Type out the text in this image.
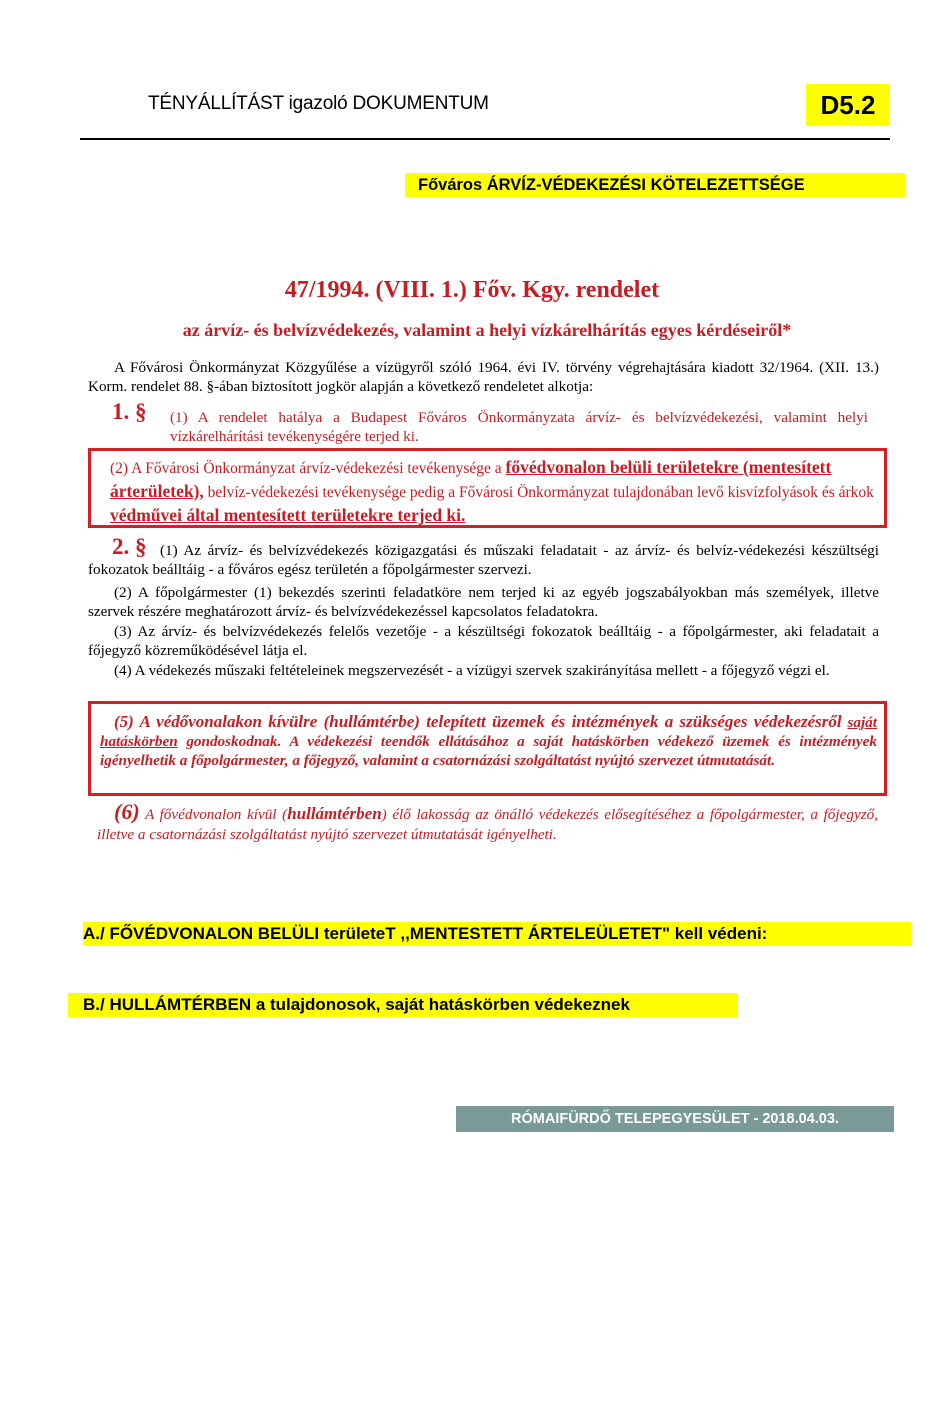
TÉNYÁLLÍTÁST igazoló DOKUMENTUM	D5.2
Főváros ÁRVÍZ-VÉDEKEZÉSI KÖTELEZETTSÉGE
47/1994. (VIII. 1.) Főv. Kgy. rendelet
az árvíz- és belvízvédekezés, valamint a helyi vízkárelhárítás egyes kérdéseiről*
A Fővárosi Önkormányzat Közgyűlése a vízügyről szóló 1964. évi IV. törvény végrehajtására kiadott 32/1964. (XII. 13.) Korm. rendelet 88. §-ában biztosított jogkör alapján a következő rendeletet alkotja:
1. § (1) A rendelet hatálya a Budapest Főváros Önkormányzata árvíz- és belvízvédekezési, valamint helyi vízkárelhárítási tevékenységére terjed ki.
(2) A Fővárosi Önkormányzat árvíz-védekezési tevékenysége a fővédvonalon belüli területekre (mentesített árterületek), belvíz-védekezési tevékenysége pedig a Fővárosi Önkormányzat tulajdonában levő kisvízfolyások és árkok védművei által mentesített területekre terjed ki.
2. § (1) Az árvíz- és belvízvédekezés közigazgatási és műszaki feladatait - az árvíz- és belvíz-védekezési készültségi fokozatok beálltáig - a főváros egész területén a főpolgármester szervezi.
(2) A főpolgármester (1) bekezdés szerinti feladatköre nem terjed ki az egyéb jogszabályokban más személyek, illetve szervek részére meghatározott árvíz- és belvízvédekezéssel kapcsolatos feladatokra.
(3) Az árvíz- és belvízvédekezés felelős vezetője - a készültségi fokozatok beálltáig - a főpolgármester, aki feladatait a főjegyző közreműködésével látja el.
(4) A védekezés műszaki feltételeinek megszervezését - a vízügyi szervek szakirányítása mellett - a főjegyző végzi el.
(5) A védővonalakon kívülre (hullámtérbe) telepített üzemek és intézmények a szükséges védekezésről saját hatáskörben gondoskodnak. A védekezési teendők ellátásához a saját hatáskörben védekező üzemek és intézmények igényelhetik a főpolgármester, a főjegyző, valamint a csatornázási szolgáltatást nyújtó szervezet útmutatását.
(6) A fővédvonalon kívül (hullámtérben) élő lakosság az önálló védekezés elősegítéséhez a főpolgármester, a főjegyző, illetve a csatornázási szolgáltatást nyújtó szervezet útmutatását igényelheti.
A./ FŐVÉDVONALON BELÜLI területeT ,,MENTESTETT ÁRTELEÜLETET" kell védeni:
B./ HULLÁMTÉRBEN a tulajdonosok, saját hatáskörben védekeznek
RÓMAIFÜRDŐ TELEPEGYESÜLET - 2018.04.03.
